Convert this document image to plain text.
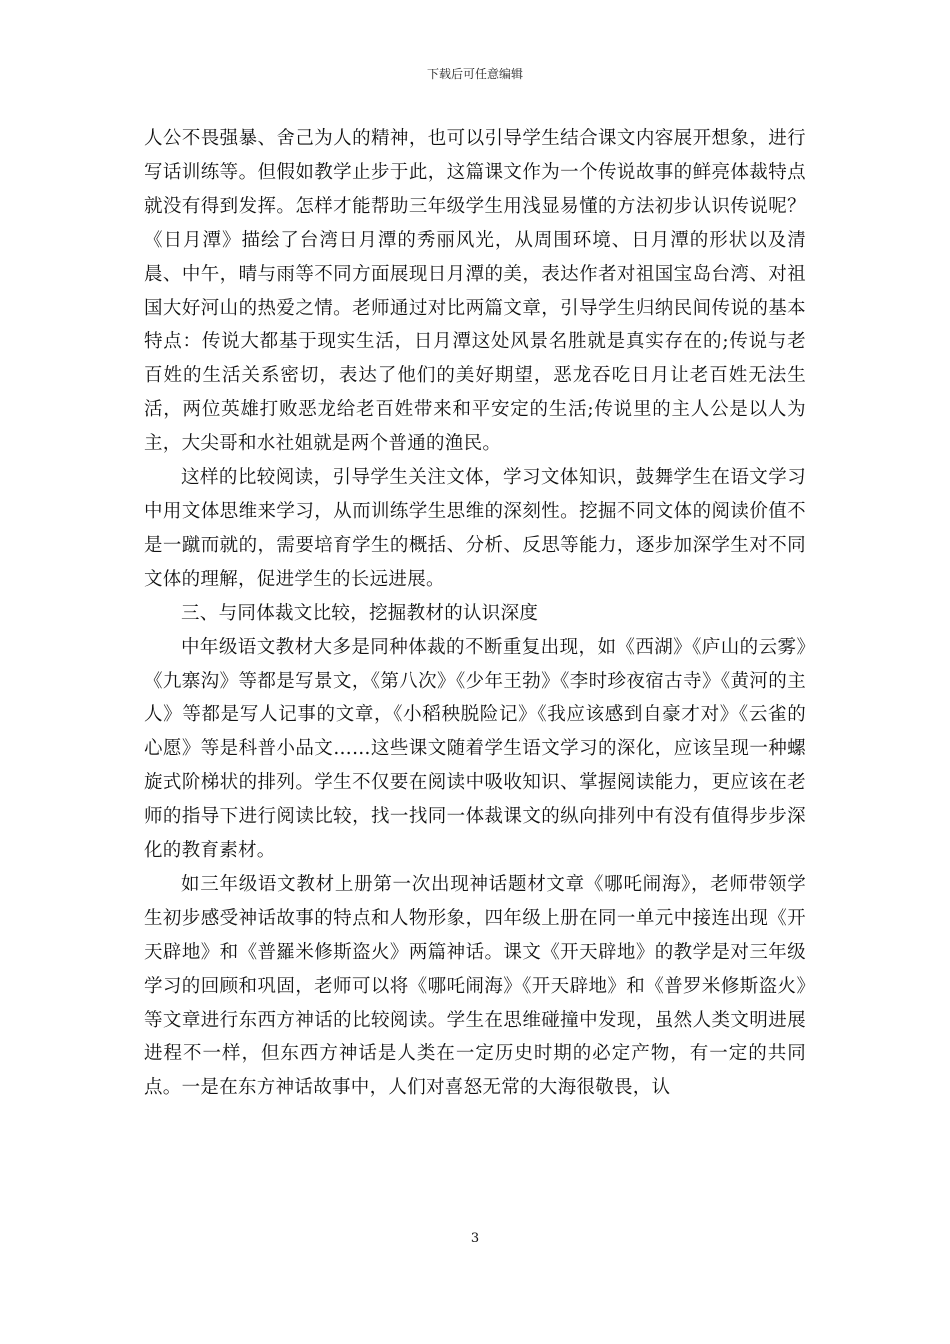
下载后可任意编辑

人公不畏强暴、舍己为人的精神，也可以引导学生结合课文内容展开想象，进行写话训练等。但假如教学止步于此，这篇课文作为一个传说故事的鲜亮体裁特点就没有得到发挥。怎样才能帮助三年级学生用浅显易懂的方法初步认识传说呢？《日月潭》描绘了台湾日月潭的秀丽风光，从周围环境、日月潭的形状以及清晨、中午，晴与雨等不同方面展现日月潭的美，表达作者对祖国宝岛台湾、对祖国大好河山的热爱之情。老师通过对比两篇文章，引导学生归纳民间传说的基本特点：传说大都基于现实生活，日月潭这处风景名胜就是真实存在的;传说与老百姓的生活关系密切，表达了他们的美好期望，恶龙吞吃日月让老百姓无法生活，两位英雄打败恶龙给老百姓带来和平安定的生活;传说里的主人公是以人为主，大尖哥和水社姐就是两个普通的渔民。

这样的比较阅读，引导学生关注文体，学习文体知识，鼓舞学生在语文学习中用文体思维来学习，从而训练学生思维的深刻性。挖掘不同文体的阅读价值不是一蹴而就的，需要培育学生的概括、分析、反思等能力，逐步加深学生对不同文体的理解，促进学生的长远进展。

三、与同体裁文比较，挖掘教材的认识深度

中年级语文教材大多是同种体裁的不断重复出现，如《西湖》《庐山的云雾》《九寨沟》等都是写景文，《第八次》《少年王勃》《李时珍夜宿古寺》《黄河的主人》等都是写人记事的文章，《小稻秧脱险记》《我应该感到自豪才对》《云雀的心愿》等是科普小品文……这些课文随着学生语文学习的深化，应该呈现一种螺旋式阶梯状的排列。学生不仅要在阅读中吸收知识、掌握阅读能力，更应该在老师的指导下进行阅读比较，找一找同一体裁课文的纵向排列中有没有值得步步深化的教育素材。

如三年级语文教材上册第一次出现神话题材文章《哪吒闹海》，老师带领学生初步感受神话故事的特点和人物形象，四年级上册在同一单元中接连出现《开天辟地》和《普羅米修斯盗火》两篇神话。课文《开天辟地》的教学是对三年级学习的回顾和巩固，老师可以将《哪吒闹海》《开天辟地》和《普罗米修斯盗火》等文章进行东西方神话的比较阅读。学生在思维碰撞中发现，虽然人类文明进展进程不一样，但东西方神话是人类在一定历史时期的必定产物，有一定的共同点。一是在东方神话故事中，人们对喜怒无常的大海很敬畏，认

3
